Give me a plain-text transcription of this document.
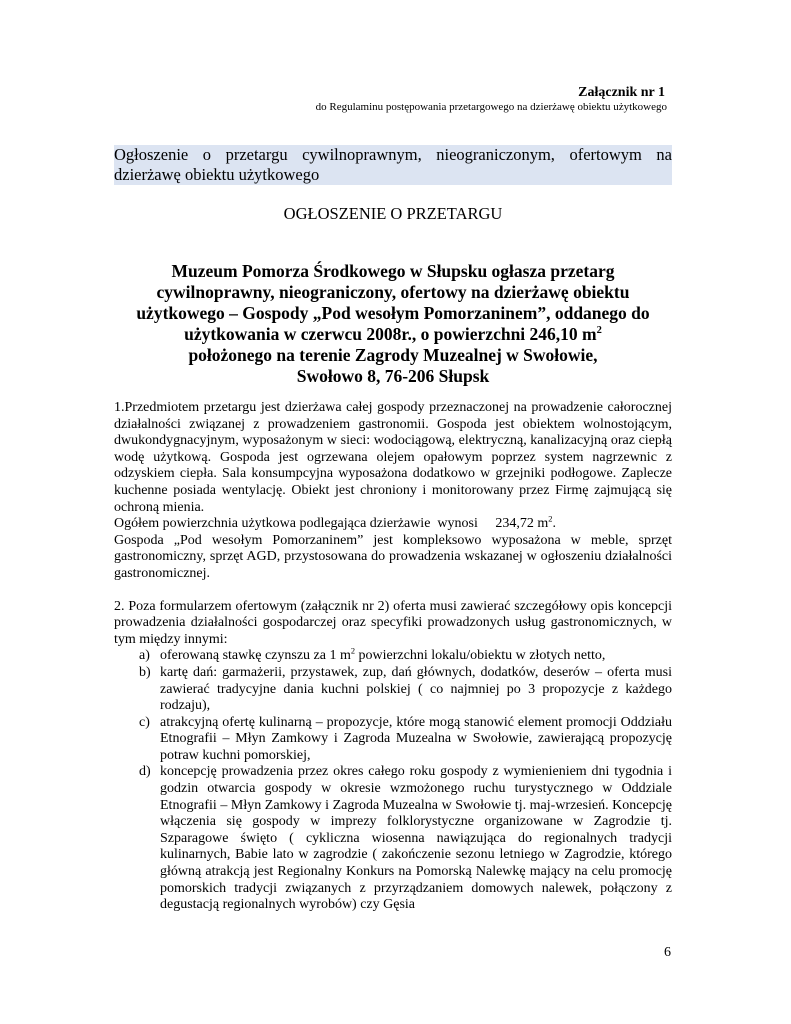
Załącznik nr 1
do Regulaminu postępowania przetargowego na dzierżawę obiektu użytkowego

Ogłoszenie o przetargu cywilnoprawnym, nieograniczonym, ofertowym na dzierżawę obiektu użytkowego

OGŁOSZENIE O PRZETARGU
Muzeum Pomorza Środkowego w Słupsku ogłasza przetarg
cywilnoprawny, nieograniczony, ofertowy na dzierżawę obiektu
użytkowego – Gospody „Pod wesołym Pomorzaninem”, oddanego do
użytkowania w czerwcu 2008r., o powierzchni 246,10 $m^2$
położonego na terenie Zagrody Muzealnej w Swołowie,
Swołowo 8, 76-206 Słupsk

1.Przedmiotem przetargu jest dzierżawa całej gospody przeznaczonej na prowadzenie całorocznej działalności związanej z prowadzeniem gastronomii. Gospoda jest obiektem wolnostojącym, dwukondygnacyjnym, wyposażonym w sieci: wodociągową, elektryczną, kanalizacyjną oraz ciepłą wodę użytkową. Gospoda jest ogrzewana olejem opałowym poprzez system nagrzewnic z odzyskiem ciepła. Sala konsumpcyjna wyposażona dodatkowo w grzejniki podłogowe. Zaplecze kuchenne posiada wentylację. Obiekt jest chroniony i monitorowany przez Firmę zajmującą się ochroną mienia.

Ogółem powierzchnia użytkowa podlegająca dzierżawie  wynosi     234,72 $m^2$.

Gospoda „Pod wesołym Pomorzaninem” jest kompleksowo wyposażona w meble, sprzęt gastronomiczny, sprzęt AGD, przystosowana do prowadzenia wskazanej w ogłoszeniu działalności gastronomicznej.

2. Poza formularzem ofertowym (załącznik nr 2) oferta musi zawierać szczegółowy opis koncepcji prowadzenia działalności gospodarczej oraz specyfiki prowadzonych usług gastronomicznych, w tym między innymi:

a) oferowaną stawkę czynszu za 1 $m^2$ powierzchni lokalu/obiektu w złotych netto,
b) kartę dań: garmażerii, przystawek, zup, dań głównych, dodatków, deserów – oferta musi zawierać tradycyjne dania kuchni polskiej ( co najmniej po 3 propozycje z każdego rodzaju),
c) atrakcyjną ofertę kulinarną – propozycje, które mogą stanowić element promocji Oddziału Etnografii – Młyn Zamkowy i Zagroda Muzealna w Swołowie, zawierającą propozycję potraw kuchni pomorskiej,
d) koncepcję prowadzenia przez okres całego roku gospody z wymienieniem dni tygodnia i godzin otwarcia gospody w okresie wzmożonego ruchu turystycznego w Oddziale Etnografii – Młyn Zamkowy i Zagroda Muzealna w Swołowie tj. maj-wrzesień. Koncepcję włączenia się gospody w imprezy folklorystyczne organizowane w Zagrodzie tj. Szparagowe święto ( cykliczna wiosenna nawiązująca do regionalnych tradycji kulinarnych, Babie lato w zagrodzie ( zakończenie sezonu letniego w Zagrodzie, którego główną atrakcją jest Regionalny Konkurs na Pomorską Nalewkę mający na celu promocję pomorskich tradycji związanych z przyrządzaniem domowych nalewek, połączony z degustacją regionalnych wyrobów) czy Gęsia
6
